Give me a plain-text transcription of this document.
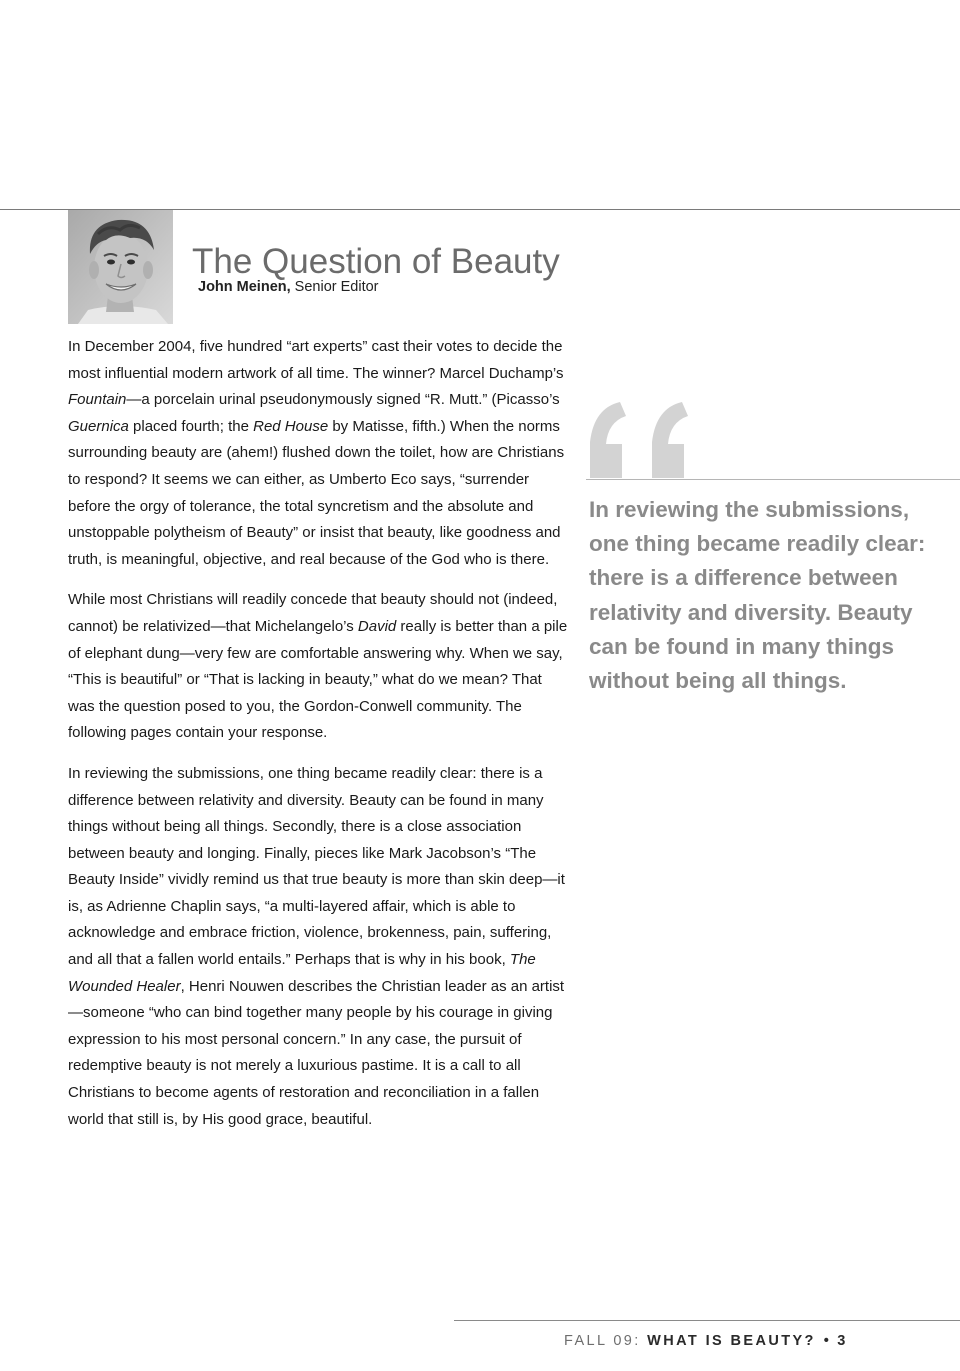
The Question of Beauty
John Meinen, Senior Editor

In December 2004, five hundred “art experts” cast their votes to decide the most influential modern artwork of all time. The winner? Marcel Duchamp’s Fountain—a porcelain urinal pseudonymously signed “R. Mutt.” (Picasso’s Guernica placed fourth; the Red House by Matisse, fifth.) When the norms surrounding beauty are (ahem!) flushed down the toilet, how are Christians to respond? It seems we can either, as Umberto Eco says, “surrender before the orgy of tolerance, the total syncretism and the absolute and unstoppable polytheism of Beauty” or insist that beauty, like goodness and truth, is meaningful, objective, and real because of the God who is there.

While most Christians will readily concede that beauty should not (indeed, cannot) be relativized—that Michelangelo’s David really is better than a pile of elephant dung—very few are comfortable answering why. When we say, “This is beautiful” or “That is lacking in beauty,” what do we mean? That was the question posed to you, the Gordon-Conwell community. The following pages contain your response.

In reviewing the submissions, one thing became readily clear: there is a difference between relativity and diversity. Beauty can be found in many things without being all things. Secondly, there is a close association between beauty and longing. Finally, pieces like Mark Jacobson’s “The Beauty Inside” vividly remind us that true beauty is more than skin deep—it is, as Adrienne Chaplin says, “a multi-layered affair, which is able to acknowledge and embrace friction, violence, brokenness, pain, suffering, and all that a fallen world entails.” Perhaps that is why in his book, The Wounded Healer, Henri Nouwen describes the Christian leader as an artist—someone “who can bind together many people by his courage in giving expression to his most personal concern.” In any case, the pursuit of redemptive beauty is not merely a luxurious pastime. It is a call to all Christians to become agents of restoration and reconciliation in a fallen world that still is, by His good grace, beautiful.

In reviewing the submissions, one thing became readily clear: there is a difference between relativity and diversity. Beauty can be found in many things without being all things.

FALL 09: WHAT IS BEAUTY? • 3
